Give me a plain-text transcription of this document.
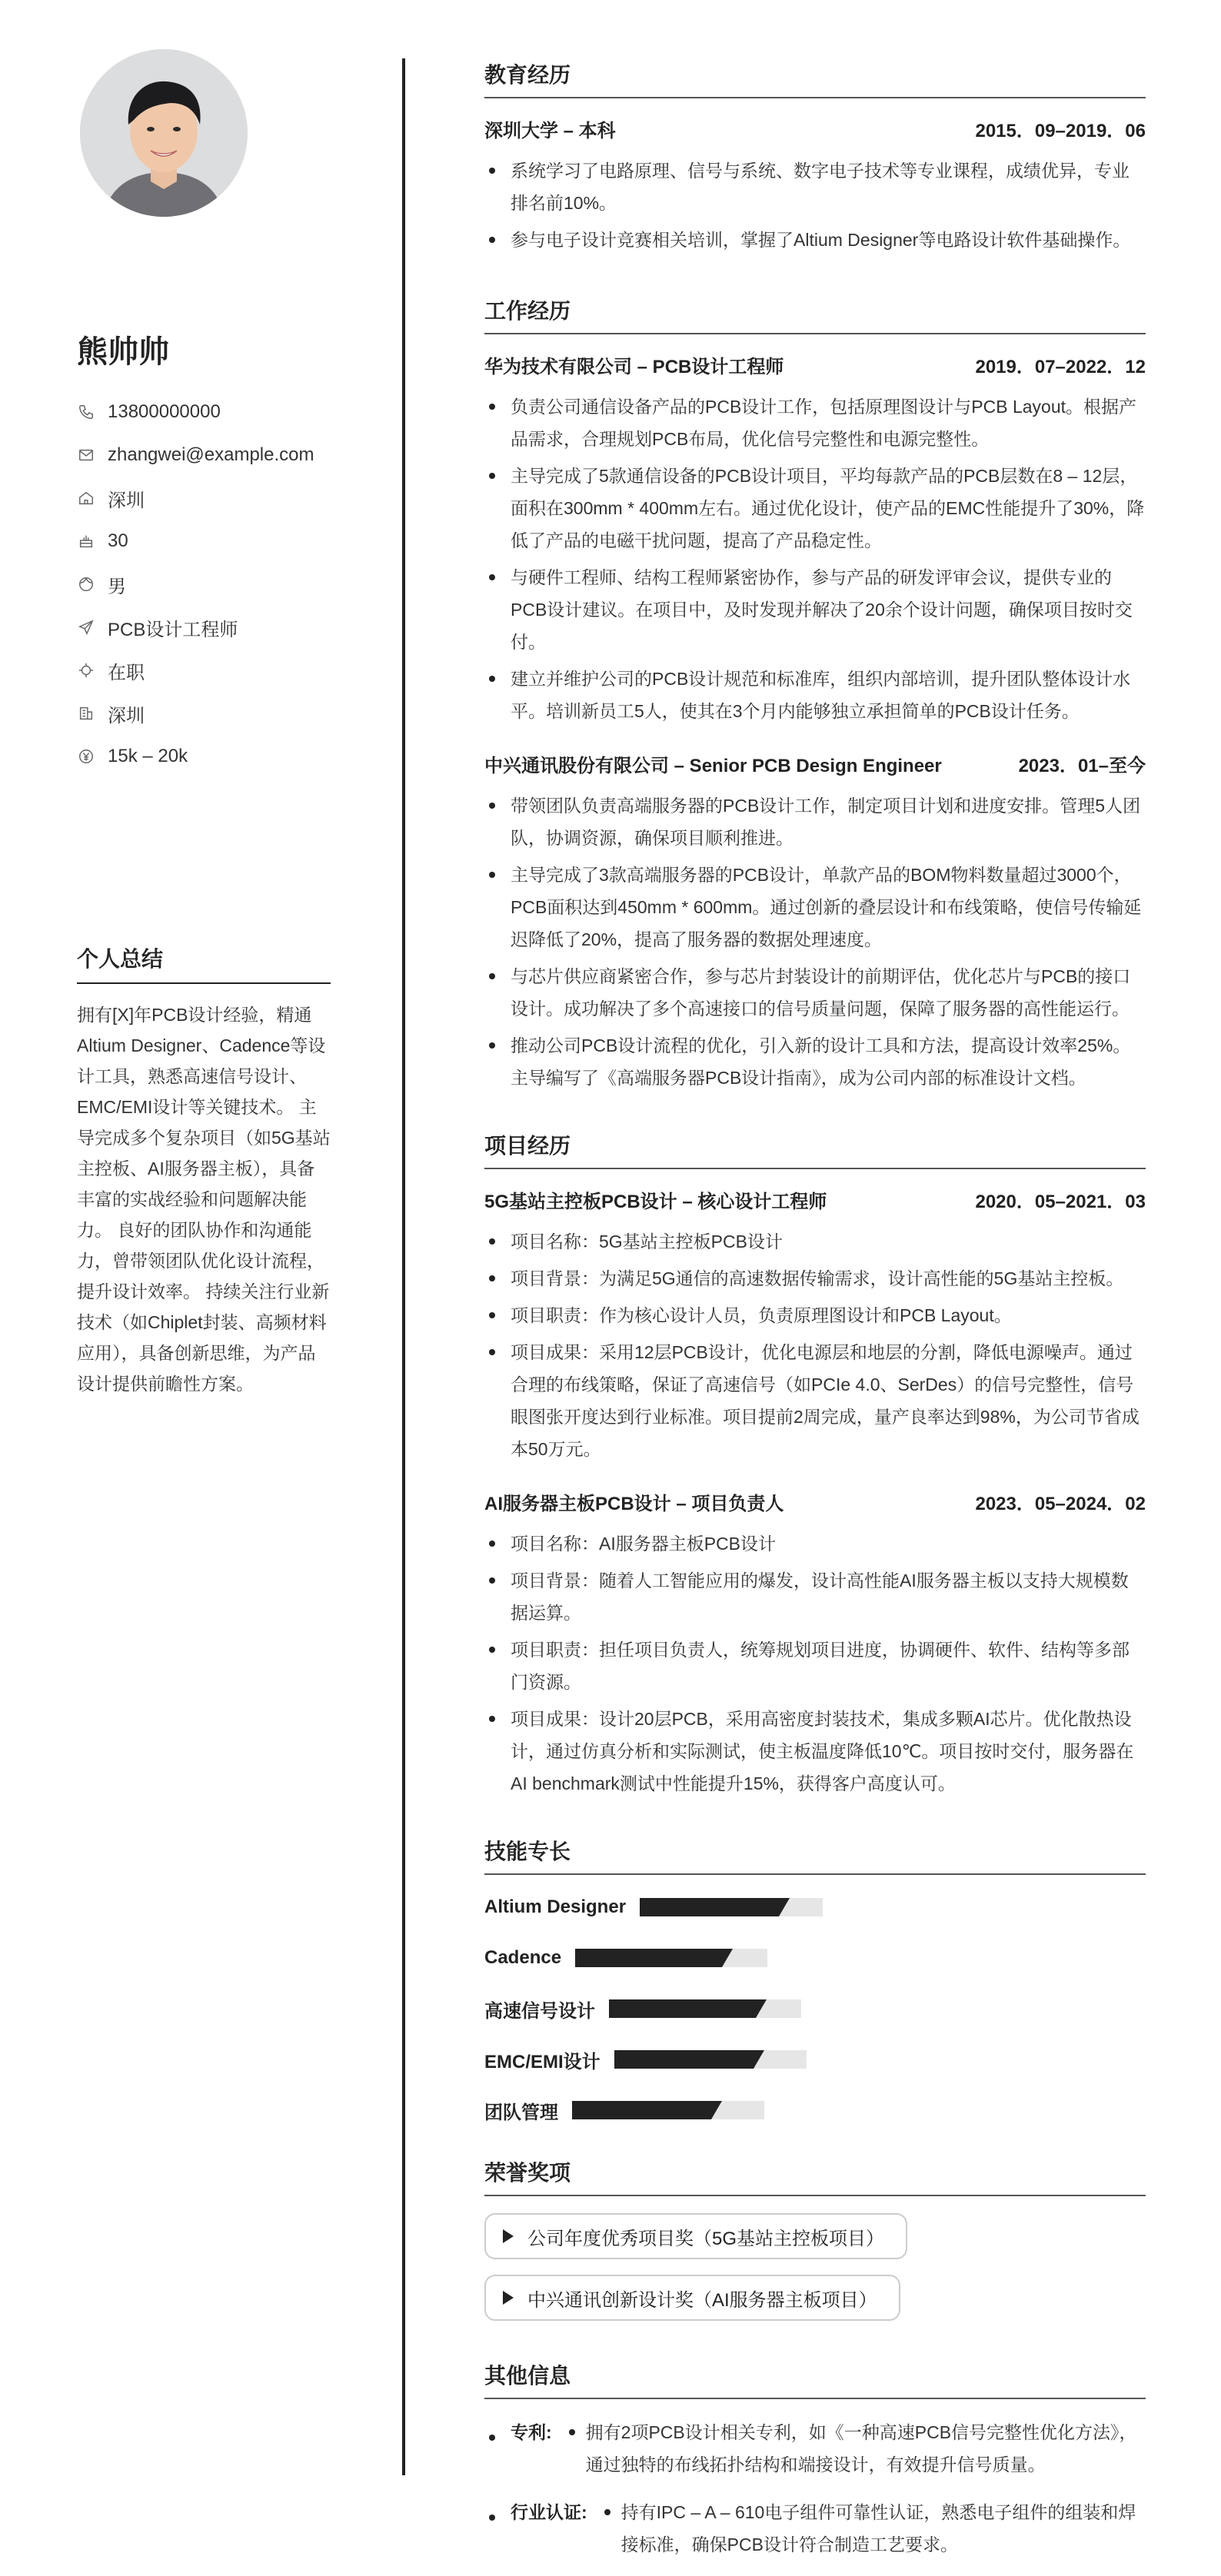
熊帅帅
13800000000
zhangwei@example.com
深圳
30
男
PCB设计工程师
在职
深圳
15k – 20k
个人总结
拥有[X]年PCB设计经验，精通Altium Designer、Cadence等设计工具，熟悉高速信号设计、EMC/EMI设计等关键技术。 主导完成多个复杂项目（如5G基站主控板、AI服务器主板），具备丰富的实战经验和问题解决能力。 良好的团队协作和沟通能力，曾带领团队优化设计流程，提升设计效率。 持续关注行业新技术（如Chiplet封装、高频材料应用），具备创新思维，为产品设计提供前瞻性方案。
教育经历
深圳大学 – 本科	2015．09–2019．06
系统学习了电路原理、信号与系统、数字电子技术等专业课程，成绩优异，专业排名前10%。
参与电子设计竞赛相关培训，掌握了Altium Designer等电路设计软件基础操作。
工作经历
华为技术有限公司 – PCB设计工程师	2019．07–2022．12
负责公司通信设备产品的PCB设计工作，包括原理图设计与PCB Layout。根据产品需求，合理规划PCB布局，优化信号完整性和电源完整性。
主导完成了5款通信设备的PCB设计项目，平均每款产品的PCB层数在8 – 12层，面积在300mm * 400mm左右。通过优化设计，使产品的EMC性能提升了30%，降低了产品的电磁干扰问题，提高了产品稳定性。
与硬件工程师、结构工程师紧密协作，参与产品的研发评审会议，提供专业的PCB设计建议。在项目中，及时发现并解决了20余个设计问题，确保项目按时交付。
建立并维护公司的PCB设计规范和标准库，组织内部培训，提升团队整体设计水平。培训新员工5人，使其在3个月内能够独立承担简单的PCB设计任务。
中兴通讯股份有限公司 – Senior PCB Design Engineer	2023．01–至今
带领团队负责高端服务器的PCB设计工作，制定项目计划和进度安排。管理5人团队，协调资源，确保项目顺利推进。
主导完成了3款高端服务器的PCB设计，单款产品的BOM物料数量超过3000个，PCB面积达到450mm * 600mm。通过创新的叠层设计和布线策略，使信号传输延迟降低了20%，提高了服务器的数据处理速度。
与芯片供应商紧密合作，参与芯片封装设计的前期评估，优化芯片与PCB的接口设计。成功解决了多个高速接口的信号质量问题，保障了服务器的高性能运行。
推动公司PCB设计流程的优化，引入新的设计工具和方法，提高设计效率25%。主导编写了《高端服务器PCB设计指南》，成为公司内部的标准设计文档。
项目经历
5G基站主控板PCB设计 – 核心设计工程师	2020．05–2021．03
项目名称：5G基站主控板PCB设计
项目背景：为满足5G通信的高速数据传输需求，设计高性能的5G基站主控板。
项目职责：作为核心设计人员，负责原理图设计和PCB Layout。
项目成果：采用12层PCB设计，优化电源层和地层的分割，降低电源噪声。通过合理的布线策略，保证了高速信号（如PCIe 4.0、SerDes）的信号完整性，信号眼图张开度达到行业标准。项目提前2周完成，量产良率达到98%，为公司节省成本50万元。
AI服务器主板PCB设计 – 项目负责人	2023．05–2024．02
项目名称：AI服务器主板PCB设计
项目背景：随着人工智能应用的爆发，设计高性能AI服务器主板以支持大规模数据运算。
项目职责：担任项目负责人，统筹规划项目进度，协调硬件、软件、结构等多部门资源。
项目成果：设计20层PCB，采用高密度封装技术，集成多颗AI芯片。优化散热设计，通过仿真分析和实际测试，使主板温度降低10℃。项目按时交付，服务器在AI benchmark测试中性能提升15%，获得客户高度认可。
技能专长
Altium Designer
Cadence
高速信号设计
EMC/EMI设计
团队管理
荣誉奖项
公司年度优秀项目奖（5G基站主控板项目）
中兴通讯创新设计奖（AI服务器主板项目）
其他信息
专利:	拥有2项PCB设计相关专利，如《一种高速PCB信号完整性优化方法》，通过独特的布线拓扑结构和端接设计，有效提升信号质量。
行业认证:	持有IPC – A – 610电子组件可靠性认证，熟悉电子组件的组装和焊接标准，确保PCB设计符合制造工艺要求。
